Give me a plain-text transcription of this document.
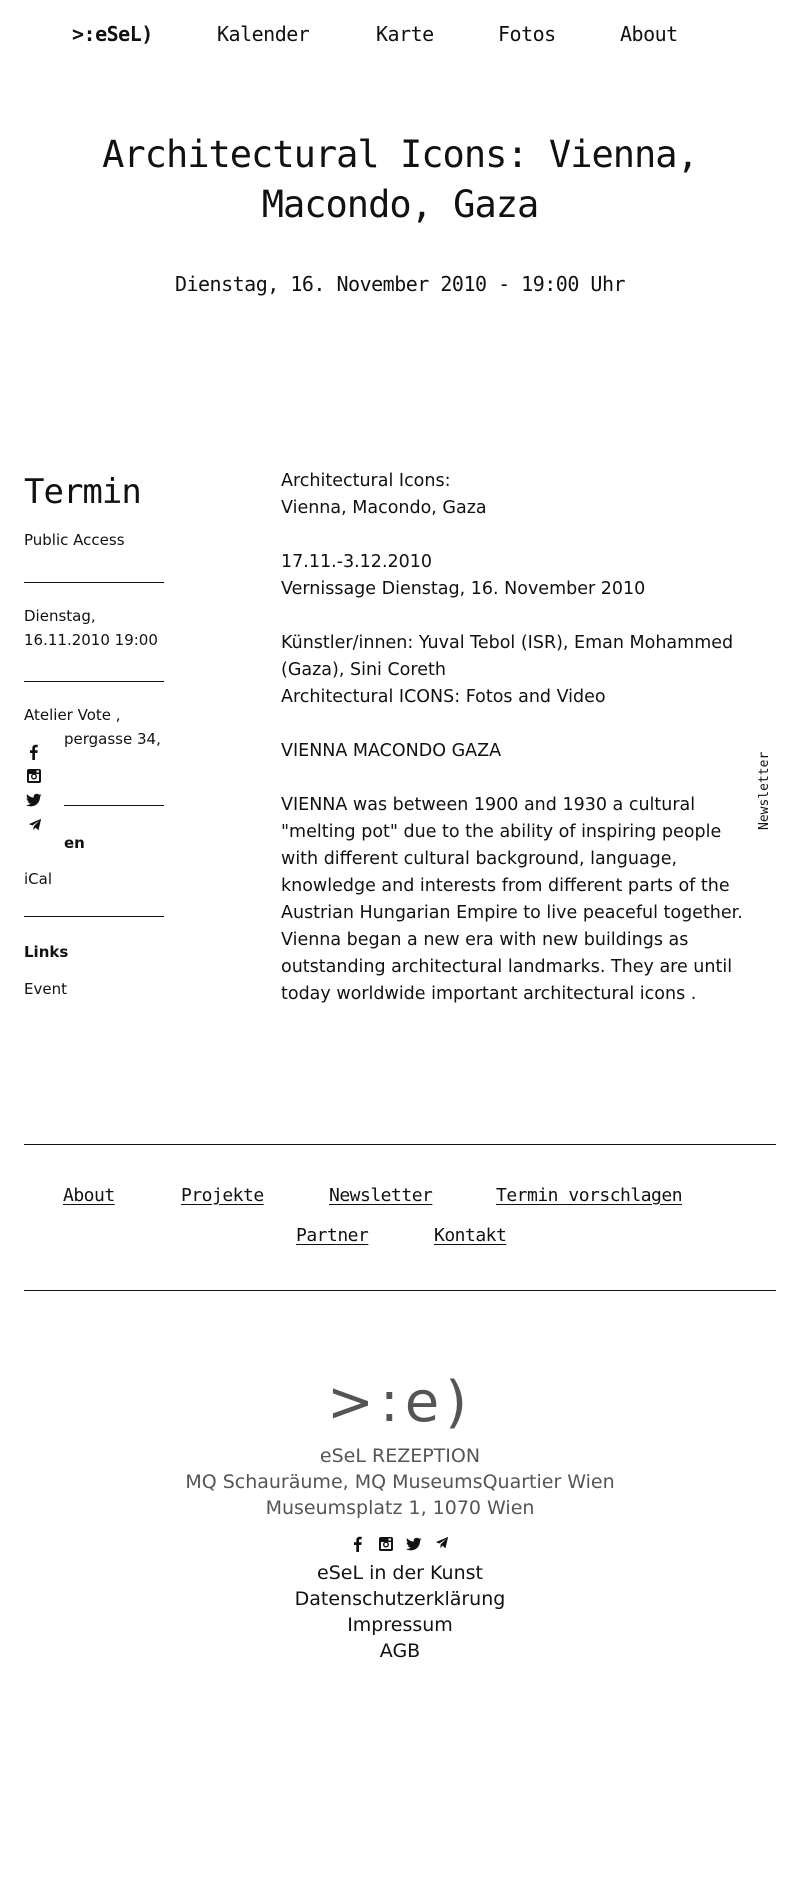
>:eSeL)	Kalender	Karte	Fotos	About
Architectural Icons: Vienna, Macondo, Gaza
Dienstag, 16. November 2010 - 19:00 Uhr
Termin
Public Access
Dienstag,
16.11.2010 19:00
Atelier Vote ,
pergasse 34,
en
iCal
Links
Event

Architectural Icons:

Vienna, Macondo, Gaza

17.11.-3.12.2010

Vernissage Dienstag, 16. November 2010

Künstler/innen: Yuval Tebol (ISR), Eman Mohammed (Gaza), Sini Coreth

Architectural ICONS: Fotos and Video

VIENNA MACONDO GAZA

VIENNA was between 1900 and 1930 a cultural "melting pot" due to the ability of inspiring people with different cultural background, language, knowledge and interests from different parts of the Austrian Hungarian Empire to live peaceful together. Vienna began a new era with new buildings as outstanding architectural landmarks. They are until today worldwide important architectural icons .

Newsletter
About	Projekte	Newsletter	Termin vorschlagen
Partner	Kontakt
>:e)
eSeL REZEPTION
MQ Schauräume, MQ MuseumsQuartier Wien
Museumsplatz 1, 1070 Wien

eSeL in der Kunst
Datenschutzerklärung
Impressum
AGB
